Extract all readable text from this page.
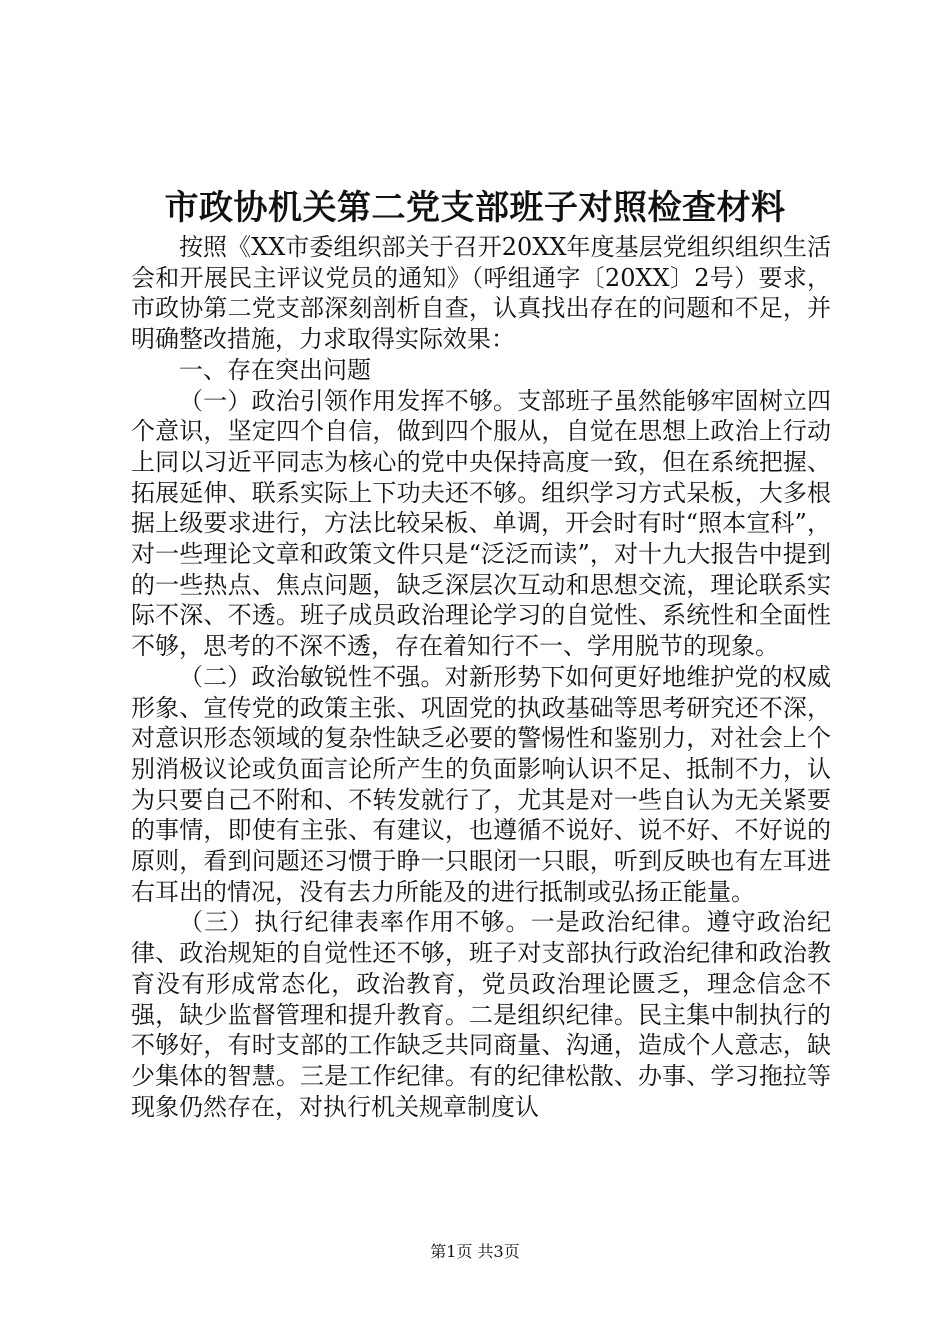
市政协机关第二党支部班子对照检查材料

按照《XX市委组织部关于召开20XX年度基层党组织组织生活会和开展民主评议党员的通知》（呼组通字〔20XX〕2号）要求，市政协第二党支部深刻剖析自查，认真找出存在的问题和不足，并明确整改措施，力求取得实际效果：

一、存在突出问题

（一）政治引领作用发挥不够。支部班子虽然能够牢固树立四个意识，坚定四个自信，做到四个服从，自觉在思想上政治上行动上同以习近平同志为核心的党中央保持高度一致，但在系统把握、拓展延伸、联系实际上下功夫还不够。组织学习方式呆板，大多根据上级要求进行，方法比较呆板、单调，开会时有时“照本宣科”，对一些理论文章和政策文件只是“泛泛而读”，对十九大报告中提到的一些热点、焦点问题，缺乏深层次互动和思想交流，理论联系实际不深、不透。班子成员政治理论学习的自觉性、系统性和全面性不够，思考的不深不透，存在着知行不一、学用脱节的现象。

（二）政治敏锐性不强。对新形势下如何更好地维护党的权威形象、宣传党的政策主张、巩固党的执政基础等思考研究还不深，对意识形态领域的复杂性缺乏必要的警惕性和鉴别力，对社会上个别消极议论或负面言论所产生的负面影响认识不足、抵制不力，认为只要自己不附和、不转发就行了，尤其是对一些自认为无关紧要的事情，即使有主张、有建议，也遵循不说好、说不好、不好说的原则，看到问题还习惯于睁一只眼闭一只眼，听到反映也有左耳进右耳出的情况，没有去力所能及的进行抵制或弘扬正能量。

（三）执行纪律表率作用不够。一是政治纪律。遵守政治纪律、政治规矩的自觉性还不够，班子对支部执行政治纪律和政治教育没有形成常态化，政治教育，党员政治理论匮乏，理念信念不强，缺少监督管理和提升教育。二是组织纪律。民主集中制执行的不够好，有时支部的工作缺乏共同商量、沟通，造成个人意志，缺少集体的智慧。三是工作纪律。有的纪律松散、办事、学习拖拉等现象仍然存在，对执行机关规章制度认

第1页 共3页
